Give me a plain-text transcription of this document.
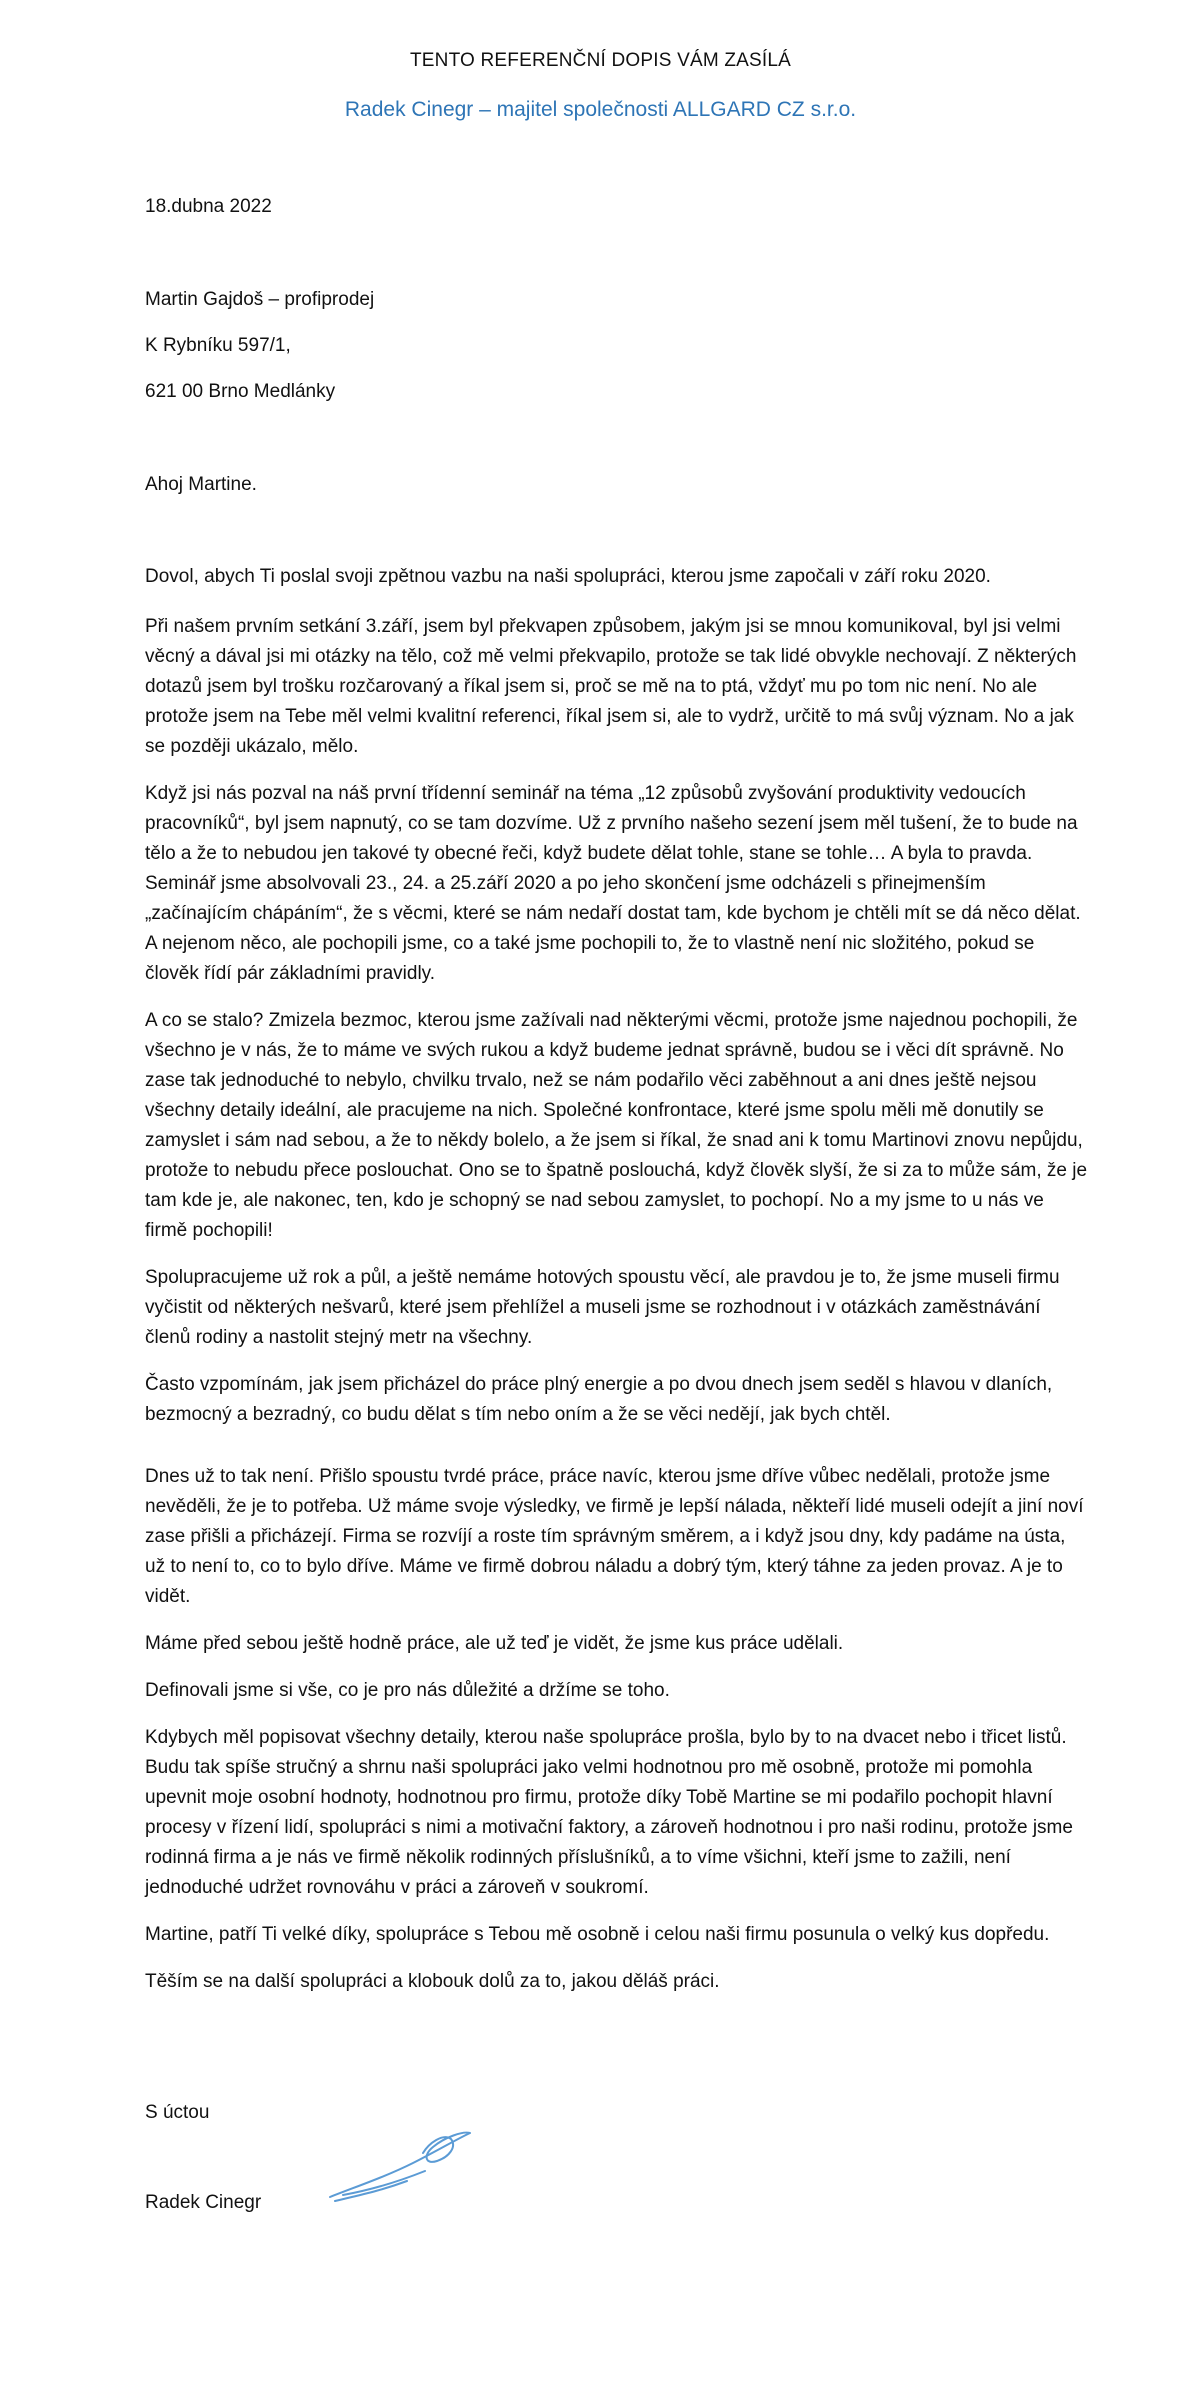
TENTO REFERENČNÍ DOPIS VÁM ZASÍLÁ
Radek Cinegr – majitel společnosti ALLGARD CZ s.r.o.
18.dubna 2022
Martin Gajdoš – profiprodej
K Rybníku 597/1,
621 00 Brno Medlánky
Ahoj Martine.

Dovol, abych Ti poslal svoji zpětnou vazbu na naši spolupráci, kterou jsme započali v září roku 2020.

Při našem prvním setkání 3.září, jsem byl překvapen způsobem, jakým jsi se mnou komunikoval, byl jsi velmi věcný a dával jsi mi otázky na tělo, což mě velmi překvapilo, protože se tak lidé obvykle nechovají. Z některých dotazů jsem byl trošku rozčarovaný a říkal jsem si, proč se mě na to ptá, vždyť mu po tom nic není. No ale protože jsem na Tebe měl velmi kvalitní referenci, říkal jsem si, ale to vydrž, určitě to má svůj význam. No a jak se později ukázalo, mělo.

Když jsi nás pozval na náš první třídenní seminář na téma „12 způsobů zvyšování produktivity vedoucích pracovníků“, byl jsem napnutý, co se tam dozvíme. Už z prvního našeho sezení jsem měl tušení, že to bude na tělo a že to nebudou jen takové ty obecné řeči, když budete dělat tohle, stane se tohle… A byla to pravda. Seminář jsme absolvovali 23., 24. a 25.září 2020 a po jeho skončení jsme odcházeli s přinejmenším „začínajícím chápáním“, že s věcmi, které se nám nedaří dostat tam, kde bychom je chtěli mít se dá něco dělat. A nejenom něco, ale pochopili jsme, co a také jsme pochopili to, že to vlastně není nic složitého, pokud se člověk řídí pár základními pravidly.

A co se stalo? Zmizela bezmoc, kterou jsme zažívali nad některými věcmi, protože jsme najednou pochopili, že všechno je v nás, že to máme ve svých rukou a když budeme jednat správně, budou se i věci dít správně. No zase tak jednoduché to nebylo, chvilku trvalo, než se nám podařilo věci zaběhnout a ani dnes ještě nejsou všechny detaily ideální, ale pracujeme na nich. Společné konfrontace, které jsme spolu měli mě donutily se zamyslet i sám nad sebou, a že to někdy bolelo, a že jsem si říkal, že snad ani k tomu Martinovi znovu nepůjdu, protože to nebudu přece poslouchat. Ono se to špatně poslouchá, když člověk slyší, že si za to může sám, že je tam kde je, ale nakonec, ten, kdo je schopný se nad sebou zamyslet, to pochopí. No a my jsme to u nás ve firmě pochopili!

Spolupracujeme už rok a půl, a ještě nemáme hotových spoustu věcí, ale pravdou je to, že jsme museli firmu vyčistit od některých nešvarů, které jsem přehlížel a museli jsme se rozhodnout i v otázkách zaměstnávání členů rodiny a nastolit stejný metr na všechny.

Často vzpomínám, jak jsem přicházel do práce plný energie a po dvou dnech jsem seděl s hlavou v dlaních, bezmocný a bezradný, co budu dělat s tím nebo oním a že se věci nedějí, jak bych chtěl.

Dnes už to tak není. Přišlo spoustu tvrdé práce, práce navíc, kterou jsme dříve vůbec nedělali, protože jsme nevěděli, že je to potřeba. Už máme svoje výsledky, ve firmě je lepší nálada, někteří lidé museli odejít a jiní noví zase přišli a přicházejí. Firma se rozvíjí a roste tím správným směrem, a i když jsou dny, kdy padáme na ústa, už to není to, co to bylo dříve. Máme ve firmě dobrou náladu a dobrý tým, který táhne za jeden provaz. A je to vidět.

Máme před sebou ještě hodně práce, ale už teď je vidět, že jsme kus práce udělali.

Definovali jsme si vše, co je pro nás důležité a držíme se toho.

Kdybych měl popisovat všechny detaily, kterou naše spolupráce prošla, bylo by to na dvacet nebo i třicet listů. Budu tak spíše stručný a shrnu naši spolupráci jako velmi hodnotnou pro mě osobně, protože mi pomohla upevnit moje osobní hodnoty, hodnotnou pro firmu, protože díky Tobě Martine se mi podařilo pochopit hlavní procesy v řízení lidí, spolupráci s nimi a motivační faktory, a zároveň hodnotnou i pro naši rodinu, protože jsme rodinná firma a je nás ve firmě několik rodinných příslušníků, a to víme všichni, kteří jsme to zažili, není jednoduché udržet rovnováhu v práci a zároveň v soukromí.

Martine, patří Ti velké díky, spolupráce s Tebou mě osobně i celou naši firmu posunula o velký kus dopředu.

Těším se na další spolupráci a klobouk dolů za to, jakou děláš práci.

S úctou
Radek Cinegr
